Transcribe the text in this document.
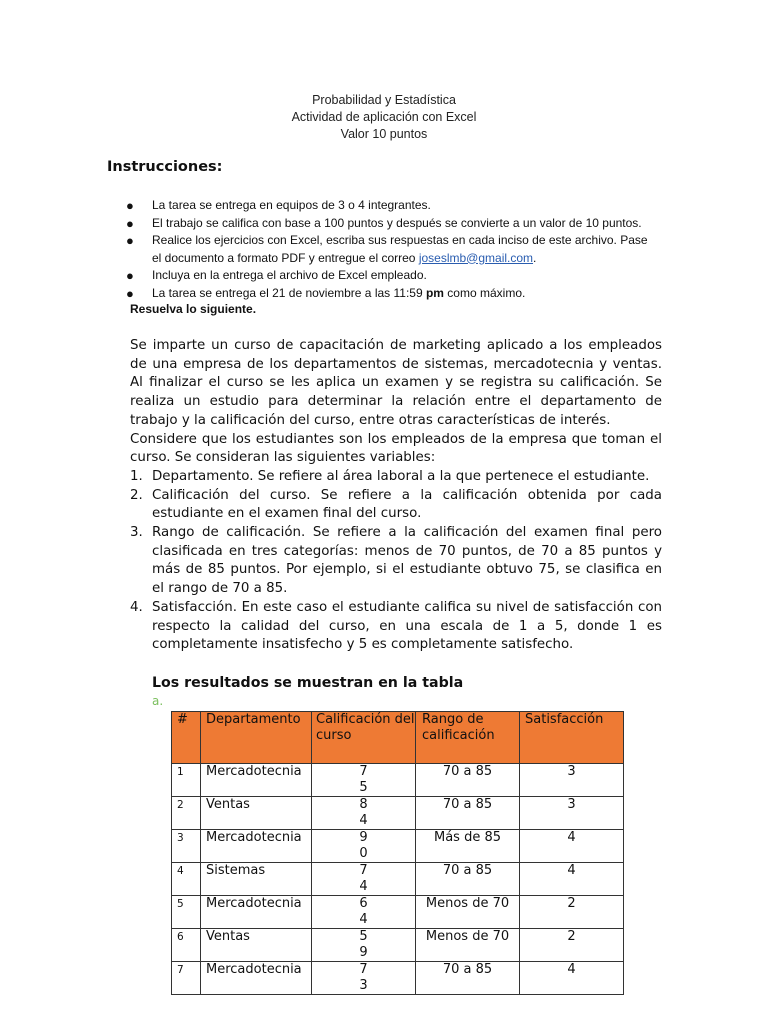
Probabilidad y Estadística
Actividad de aplicación con Excel
Valor 10 puntos
Instrucciones:
● La tarea se entrega en equipos de 3 o 4 integrantes.
● El trabajo se califica con base a 100 puntos y después se convierte a un valor de 10 puntos.
● Realice los ejercicios con Excel, escriba sus respuestas en cada inciso de este archivo. Pase
el documento a formato PDF y entregue el correo joseslmb@gmail.com.
● Incluya en la entrega el archivo de Excel empleado.
● La tarea se entrega el 21 de noviembre a las 11:59 pm como máximo.
Resuelva lo siguiente.

Se imparte un curso de capacitación de marketing aplicado a los empleados de una empresa de los departamentos de sistemas, mercadotecnia y ventas. Al finalizar el curso se les aplica un examen y se registra su calificación. Se realiza un estudio para determinar la relación entre el departamento de trabajo y la calificación del curso, entre otras características de interés.

Considere que los estudiantes son los empleados de la empresa que toman el curso. Se consideran las siguientes variables:

1. Departamento. Se refiere al área laboral a la que pertenece el estudiante.
2. Calificación del curso. Se refiere a la calificación obtenida por cada estudiante en el examen final del curso.
3. Rango de calificación. Se refiere a la calificación del examen final pero clasificada en tres categorías: menos de 70 puntos, de 70 a 85 puntos y más de 85 puntos. Por ejemplo, si el estudiante obtuvo 75, se clasifica en el rango de 70 a 85.
4. Satisfacción. En este caso el estudiante califica su nivel de satisfacción con respecto la calidad del curso, en una escala de 1 a 5, donde 1 es completamente insatisfecho y 5 es completamente satisfecho.
Los resultados se muestran en la tabla
a.
#	Departamento	Calificación del curso	Rango de calificación	Satisfacción

1	Mercadotecnia	75	70 a 85	3
2	Ventas	84	70 a 85	3
3	Mercadotecnia	90	Más de 85	4
4	Sistemas	74	70 a 85	4
5	Mercadotecnia	64	Menos de 70	2
6	Ventas	59	Menos de 70	2
7	Mercadotecnia	73	70 a 85	4
